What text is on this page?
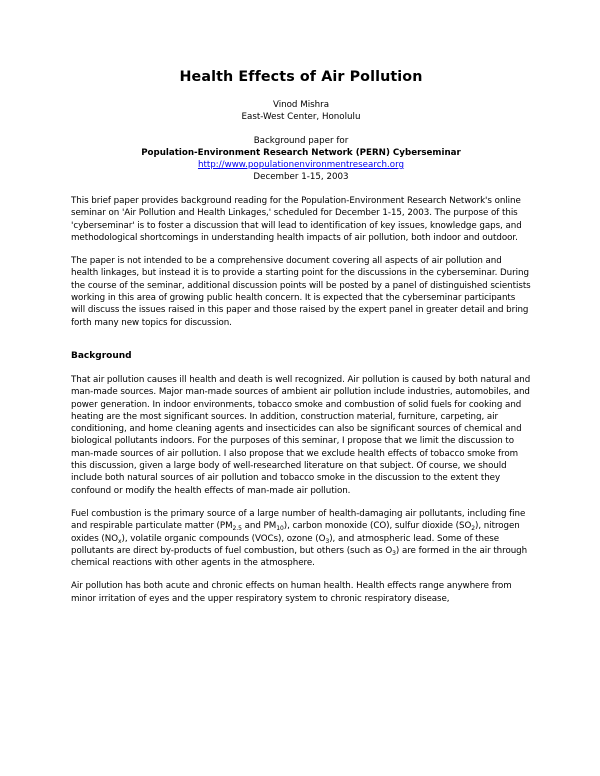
Health Effects of Air Pollution
Vinod Mishra
East-West Center, Honolulu
Background paper for
Population-Environment Research Network (PERN) Cyberseminar
http://www.populationenvironmentresearch.org
December 1-15, 2003

This brief paper provides background reading for the Population-Environment Research Network's online seminar on 'Air Pollution and Health Linkages,' scheduled for December 1-15, 2003. The purpose of this 'cyberseminar' is to foster a discussion that will lead to identification of key issues, knowledge gaps, and methodological shortcomings in understanding health impacts of air pollution, both indoor and outdoor.

The paper is not intended to be a comprehensive document covering all aspects of air pollution and health linkages, but instead it is to provide a starting point for the discussions in the cyberseminar. During the course of the seminar, additional discussion points will be posted by a panel of distinguished scientists working in this area of growing public health concern. It is expected that the cyberseminar participants will discuss the issues raised in this paper and those raised by the expert panel in greater detail and bring forth many new topics for discussion.

Background

That air pollution causes ill health and death is well recognized. Air pollution is caused by both natural and man-made sources. Major man-made sources of ambient air pollution include industries, automobiles, and power generation. In indoor environments, tobacco smoke and combustion of solid fuels for cooking and heating are the most significant sources. In addition, construction material, furniture, carpeting, air conditioning, and home cleaning agents and insecticides can also be significant sources of chemical and biological pollutants indoors. For the purposes of this seminar, I propose that we limit the discussion to man-made sources of air pollution. I also propose that we exclude health effects of tobacco smoke from this discussion, given a large body of well-researched literature on that subject. Of course, we should include both natural sources of air pollution and tobacco smoke in the discussion to the extent they confound or modify the health effects of man-made air pollution.

Fuel combustion is the primary source of a large number of health-damaging air pollutants, including fine and respirable particulate matter ($PM_{2.5}$ and $PM_{10}$), carbon monoxide (CO), sulfur dioxide $(SO_2)$, nitrogen oxides $(NO_x)$, volatile organic compounds (VOCs), ozone $(O_3)$, and atmospheric lead. Some of these pollutants are direct by-products of fuel combustion, but others (such as $O_3$) are formed in the air through chemical reactions with other agents in the atmosphere.

Air pollution has both acute and chronic effects on human health. Health effects range anywhere from minor irritation of eyes and the upper respiratory system to chronic respiratory disease,
